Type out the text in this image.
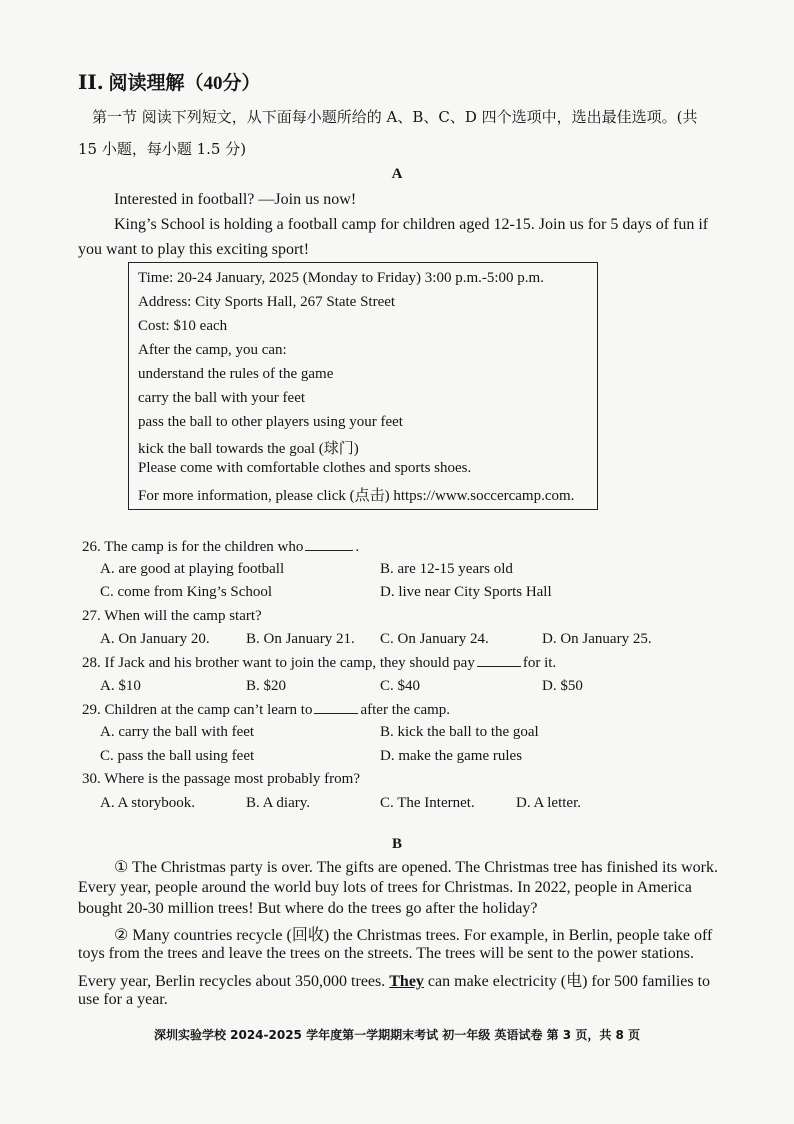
II. 阅读理解（40分）
第一节 阅读下列短文，从下面每小题所给的 A、B、C、D 四个选项中，选出最佳选项。(共
15 小题，每小题 1.5 分)
A
Interested in football? —Join us now!
King’s School is holding a football camp for children aged 12-15. Join us for 5 days of fun if
you want to play this exciting sport!
Time: 20-24 January, 2025 (Monday to Friday) 3:00 p.m.-5:00 p.m.
Address: City Sports Hall, 267 State Street
Cost: $10 each
After the camp, you can:
understand the rules of the game
carry the ball with your feet
pass the ball to other players using your feet
kick the ball towards the goal (球门)
Please come with comfortable clothes and sports shoes.
For more information, please click (点击) https://www.soccercamp.com.
26. The camp is for the children who	.
A. are good at playing football	B. are 12-15 years old
C. come from King’s School	D. live near City Sports Hall
27. When will the camp start?
A. On January 20. B. On January 21. C. On January 24.	D. On January 25.
28. If Jack and his brother want to join the camp, they should pay	for it.
A. $10	B. $20	C. $40	D. $50
29. Children at the camp can’t learn to	after the camp.
A. carry the ball with feet	B. kick the ball to the goal
C. pass the ball using feet	D. make the game rules
30. Where is the passage most probably from?
A. A storybook.	B. A diary.	C. The Internet.	D. A letter.
B
① The Christmas party is over. The gifts are opened. The Christmas tree has finished its work.
Every year, people around the world buy lots of trees for Christmas. In 2022, people in America
bought 20-30 million trees! But where do the trees go after the holiday?
② Many countries recycle (回收) the Christmas trees. For example, in Berlin, people take off
toys from the trees and leave the trees on the streets. The trees will be sent to the power stations.
Every year, Berlin recycles about 350,000 trees. They can make electricity (电) for 500 families to
use for a year.
深圳实验学校 2024-2025 学年度第一学期期末考试 初一年级 英语试卷 第 3 页，共 8 页
